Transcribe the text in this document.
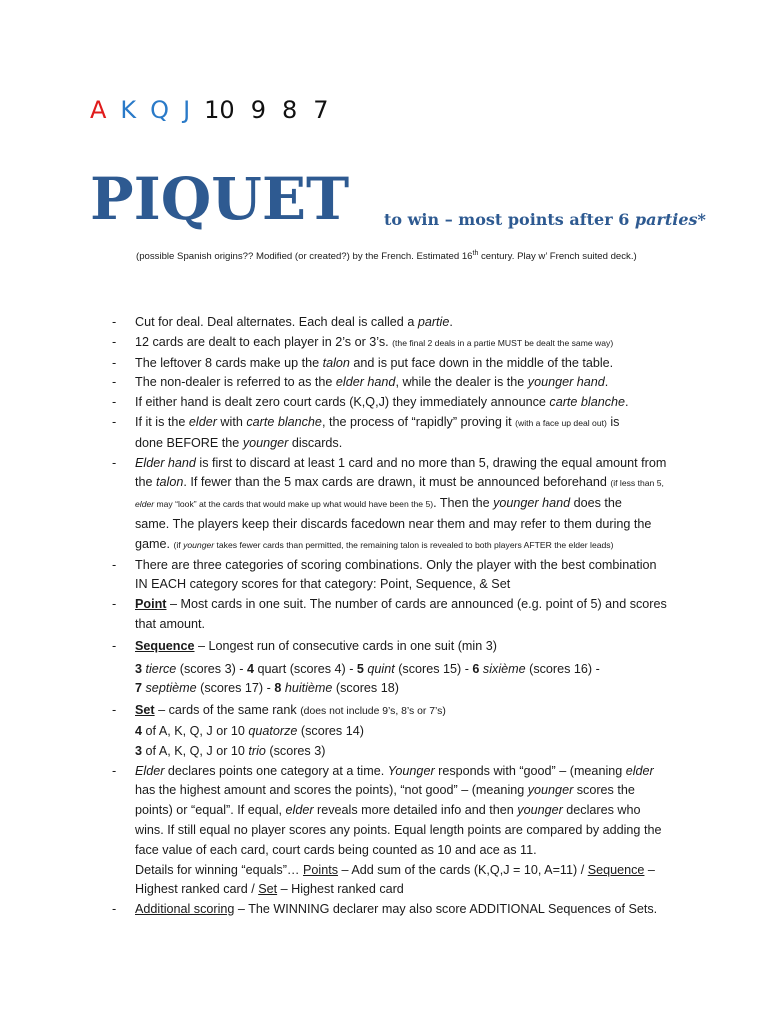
A K Q J 10 9 8 7
PIQUET to win – most points after 6 parties*
(possible Spanish origins?? Modified (or created?) by the French. Estimated 16th century. Play w’ French suited deck.)
- Cut for deal. Deal alternates. Each deal is called a partie.
- 12 cards are dealt to each player in 2’s or 3’s. (the final 2 deals in a partie MUST be dealt the same way)
- The leftover 8 cards make up the talon and is put face down in the middle of the table.
- The non-dealer is referred to as the elder hand, while the dealer is the younger hand.
- If either hand is dealt zero court cards (K,Q,J) they immediately announce carte blanche.
- If it is the elder with carte blanche, the process of “rapidly” proving it (with a face up deal out) is
done BEFORE the younger discards.
- Elder hand is first to discard at least 1 card and no more than 5, drawing the equal amount from
the talon. If fewer than the 5 max cards are drawn, it must be announced beforehand (if less than 5,
elder may “look” at the cards that would make up what would have been the 5). Then the younger hand does the
same. The players keep their discards facedown near them and may refer to them during the
game. (if younger takes fewer cards than permitted, the remaining talon is revealed to both players AFTER the elder leads)
- There are three categories of scoring combinations. Only the player with the best combination
IN EACH category scores for that category: Point, Sequence, & Set
- Point – Most cards in one suit. The number of cards are announced (e.g. point of 5) and scores
that amount.
- Sequence – Longest run of consecutive cards in one suit (min 3)

3 tierce (scores 3) - 4 quart (scores 4) - 5 quint (scores 15) - 6 sixième (scores 16) -
7 septième (scores 17) - 8 huitième (scores 18)
- Set – cards of the same rank (does not include 9’s, 8’s or 7’s)
4 of A, K, Q, J or 10 quatorze (scores 14)
3 of A, K, Q, J or 10 trio (scores 3)
- Elder declares points one category at a time. Younger responds with “good” – (meaning elder
has the highest amount and scores the points), “not good” – (meaning younger scores the
points) or “equal”. If equal, elder reveals more detailed info and then younger declares who
wins. If still equal no player scores any points. Equal length points are compared by adding the
face value of each card, court cards being counted as 10 and ace as 11.
Details for winning “equals”… Points – Add sum of the cards (K,Q,J = 10, A=11) / Sequence –
Highest ranked card / Set – Highest ranked card
- Additional scoring – The WINNING declarer may also score ADDITIONAL Sequences of Sets.
